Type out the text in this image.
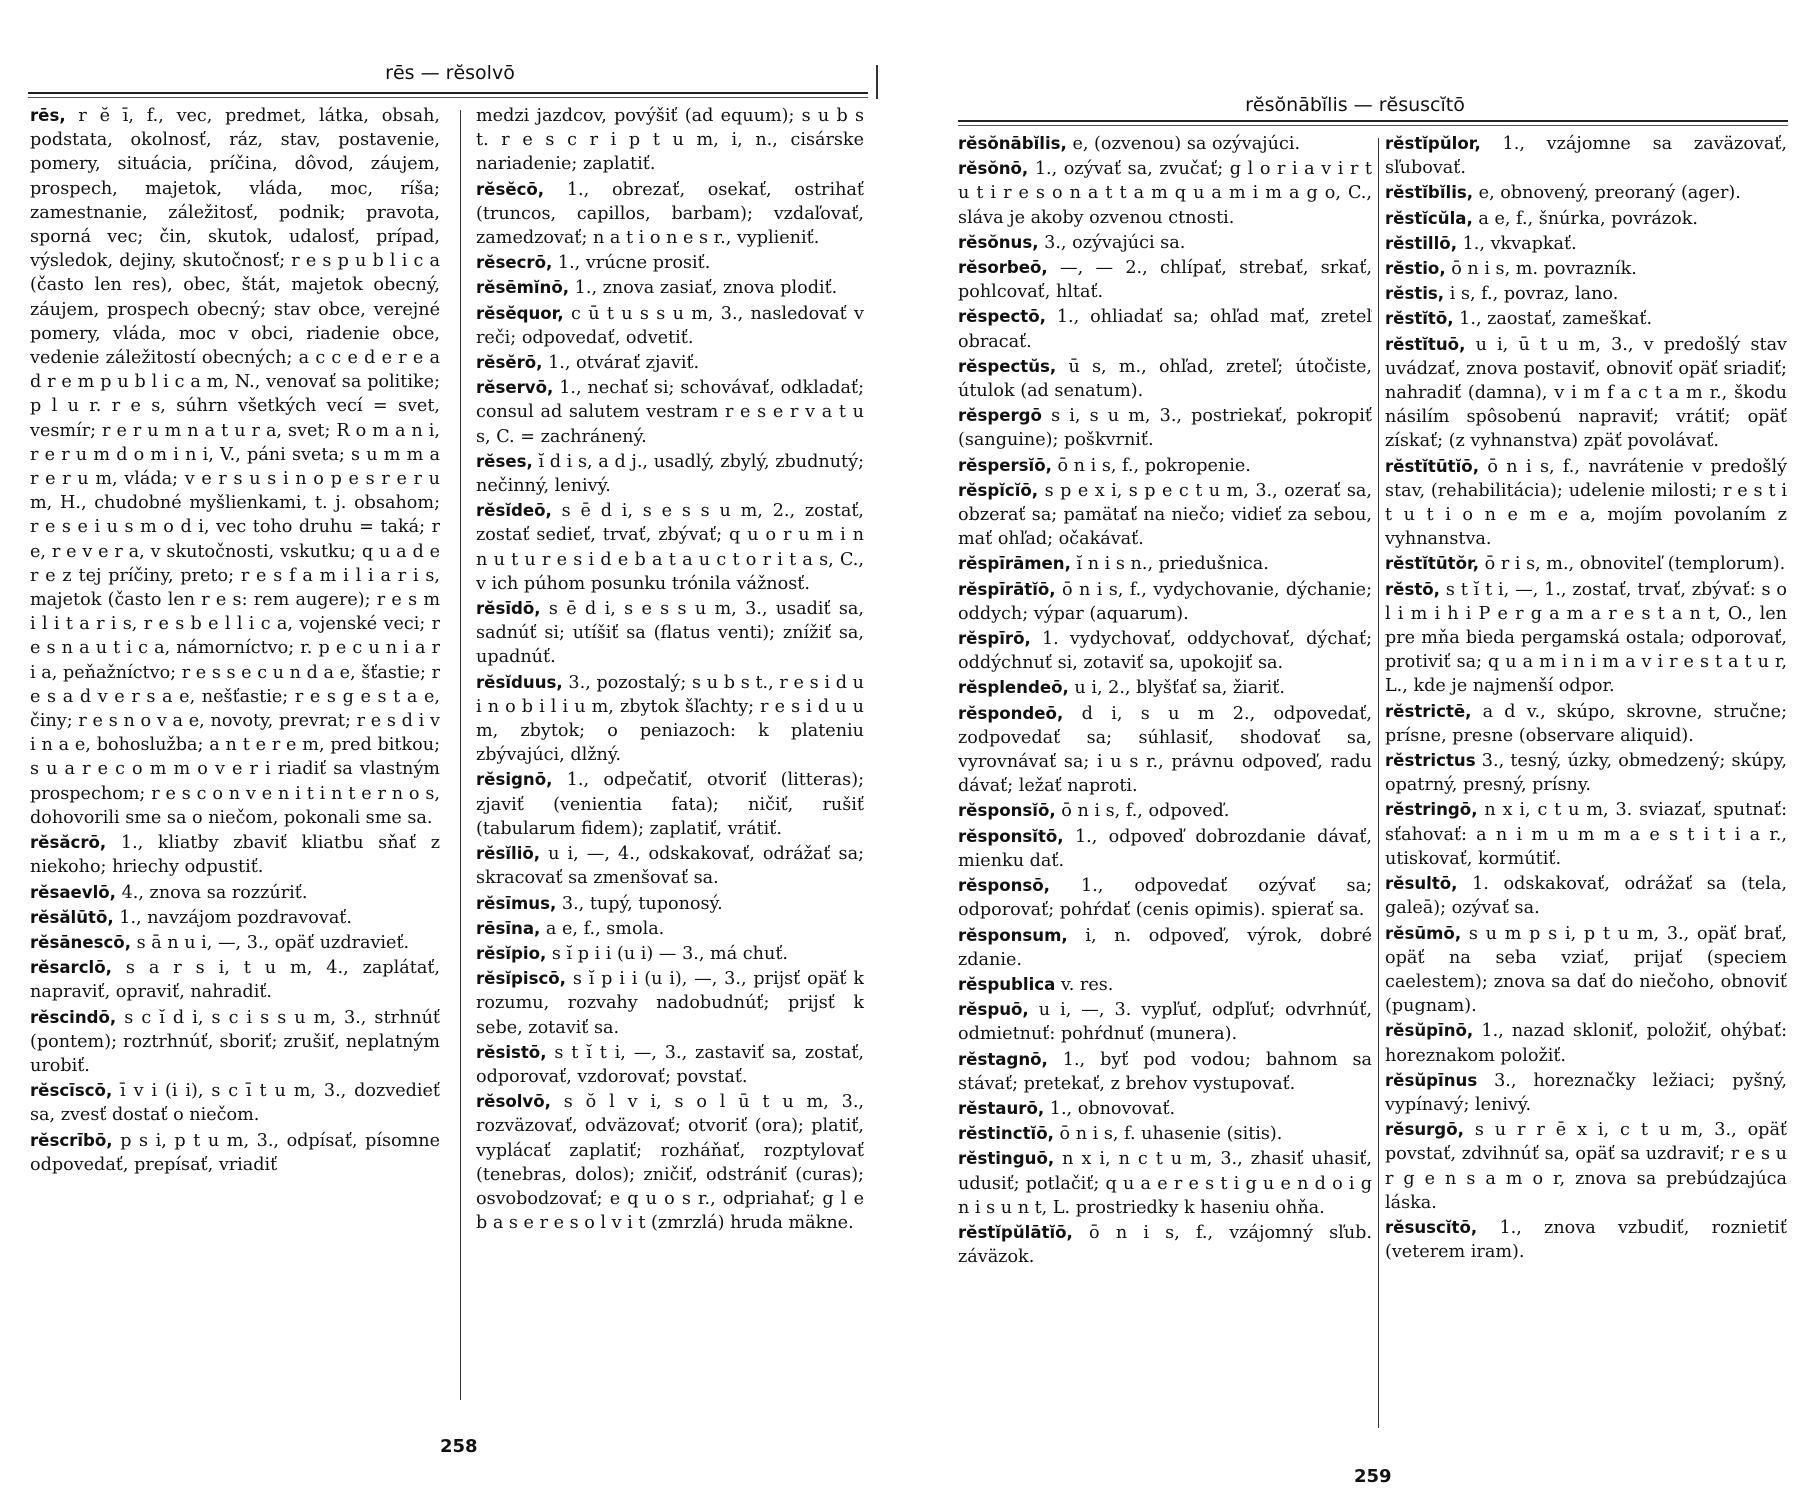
rēs — rĕsolvō
rēs, r ĕ ī, f., vec, predmet, látka, obsah, podstata, okolnosť, ráz, stav, postavenie, pomery, situácia, príčina, dôvod, záujem, prospech, majetok, vláda, moc, ríša; zamestnanie, záležitosť, podnik; pravota, sporná vec; čin, skutok, udalosť, prípad, výsledok, dejiny, skutočnosť; r e s p u b l i c a (často len res), obec, štát, majetok obecný, záujem, prospech obecný; stav obce, verejné pomery, vláda, moc v obci, riadenie obce, vedenie záležitostí obecných; a c c e d e r e a d r e m p u b l i c a m, N., venovať sa politike; p l u r. r e s, súhrn všetkých vecí = svet, vesmír; r e r u m n a t u r a, svet; R o m a n i, r e r u m d o m i n i, V., páni sveta; s u m m a r e r u m, vláda; v e r s u s i n o p e s r e r u m, H., chudobné myšlienkami, t. j. obsahom; r e s e i u s m o d i, vec toho druhu = taká; r e, r e v e r a, v skutočnosti, vskutku; q u a d e r e z tej príčiny, preto; r e s f a m i l i a r i s, majetok (často len r e s: rem augere); r e s m i l i t a r i s, r e s b e l l i c a, vojenské veci; r e s n a u t i c a, námorníctvo; r. p e c u n i a r i a, peňažníctvo; r e s s e c u n d a e, šťastie; r e s a d v e r s a e, nešťastie; r e s g e s t a e, činy; r e s n o v a e, novoty, prevrat; r e s d i v i n a e, bohoslužba; a n t e r e m, pred bitkou; s u a r e c o m m o v e r i riadiť sa vlastným prospechom; r e s c o n v e n i t i n t e r n o s, dohovorili sme sa o niečom, pokonali sme sa.
rĕsăcrō, 1., kliatby zbaviť kliatbu sňať z niekoho; hriechy odpustiť.
rĕsaevlō, 4., znova sa rozzúriť.
rĕsălūtō, 1., navzájom pozdravovať.
rĕsānescō, s ā n u i, —, 3., opäť uzdravieť.
rĕsarclō, s a r s i, t u m, 4., zaplátať, napraviť, opraviť, nahradiť.
rĕscindō, s c ĭ d i, s c i s s u m, 3., strhnúť (pontem); roztrhnúť, sboriť; zrušiť, neplatným urobiť.
rĕscīscō, ī v i (i i), s c ī t u m, 3., dozvedieť sa, zvesť dostať o niečom.
rĕscrībō, p s i, p t u m, 3., odpísať, písomne odpovedať, prepísať, vriadiť
medzi jazdcov, povýšiť (ad equum); s u b s t. r e s c r i p t u m, i, n., cisárske nariadenie; zaplatiť.
rĕsĕcō, 1., obrezať, osekať, ostrihať (truncos, capillos, barbam); vzdaľovať, zamedzovať; n a t i o n e s r., vyplieniť.
rĕsecrō, 1., vrúcne prosiť.
rĕsēmĭnō, 1., znova zasiať, znova plodiť.
rĕsĕquor, c ū t u s s u m, 3., nasledovať v reči; odpovedať, odvetiť.
rĕsĕrō, 1., otvárať zjaviť.
rĕservō, 1., nechať si; schovávať, odkladať; consul ad salutem vestram r e s e r v a t u s, C. = zachránený.
rĕses, ĭ d i s, a d j., usadlý, zbylý, zbudnutý; nečinný, lenivý.
rĕsĭdeō, s ē d i, s e s s u m, 2., zostať, zostať sedieť, trvať, zbývať; q u o r u m i n n u t u r e s i d e b a t a u c t o r i t a s, C., v ich púhom posunku trónila vážnosť.
rĕsīdō, s ē d i, s e s s u m, 3., usadiť sa, sadnúť si; utíšiť sa (flatus venti); znížiť sa, upadnúť.
rĕsĭduus, 3., pozostalý; s u b s t., r e s i d u i n o b i l i u m, zbytok šľachty; r e s i d u u m, zbytok; o peniazoch: k plateniu zbývajúci, dlžný.
rĕsignō, 1., odpečatiť, otvoriť (litteras); zjaviť (venientia fata); ničiť, rušiť (tabularum fidem); zaplatiť, vrátiť.
rĕsĭliō, u i, —, 4., odskakovať, odrážať sa; skracovať sa zmenšovať sa.
rĕsīmus, 3., tupý, tuponosý.
rēsīna, a e, f., smola.
rĕsĭpio, s ĭ p i i (u i) — 3., má chuť.
rĕsĭpiscō, s ĭ p i i (u i), —, 3., prijsť opäť k rozumu, rozvahy nadobudnúť; prijsť k sebe, zotaviť sa.
rĕsistō, s t ĭ t i, —, 3., zastaviť sa, zostať, odporovať, vzdorovať; povstať.
rĕsolvō, s ŏ l v i, s o l ū t u m, 3., rozväzovať, odväzovať; otvoriť (ora); platiť, vyplácať zaplatiť; rozháňať, rozptylovať (tenebras, dolos); zničiť, odstrániť (curas); osvobodzovať; e q u o s r., odpriahať; g l e b a s e r e s o l v i t (zmrzlá) hruda mäkne.
258
rĕsŏnābĭlis — rĕsuscĭtō
rĕsŏnābĭlis, e, (ozvenou) sa ozývajúci.
rĕsŏnō, 1., ozývať sa, zvučať; g l o r i a v i r t u t i r e s o n a t t a m q u a m i m a g o, C., sláva je akoby ozvenou ctnosti.
rĕsŏnus, 3., ozývajúci sa.
rĕsorbeō, —, — 2., chlípať, strebať, srkať, pohlcovať, hltať.
rĕspectō, 1., ohliadať sa; ohľad mať, zreteľ obracať.
rĕspectŭs, ū s, m., ohľad, zreteľ; útočiste, útulok (ad senatum).
rĕspergō s i, s u m, 3., postriekať, pokropiť (sanguine); poškvrniť.
rĕspersĭō, ō n i s, f., pokropenie.
rĕspĭcĭō, s p e x i, s p e c t u m, 3., ozerať sa, obzerať sa; pamätať na niečo; vidieť za sebou, mať ohľad; očakávať.
rĕspīrāmen, ĭ n i s n., priedušnica.
rĕspīrātĭō, ō n i s, f., vydychovanie, dýchanie; oddych; výpar (aquarum).
rĕspīrō, 1. vydychovať, oddychovať, dýchať; oddýchnuť si, zotaviť sa, upokojiť sa.
rĕsplendeō, u i, 2., blyšťať sa, žiariť.
rĕspondeō, d i, s u m 2., odpovedať, zodpovedať sa; súhlasiť, shodovať sa, vyrovnávať sa; i u s r., právnu odpoveď, radu dávať; ležať naproti.
rĕsponsĭō, ō n i s, f., odpoveď.
rĕsponsĭtō, 1., odpoveď dobrozdanie dávať, mienku dať.
rĕsponsō, 1., odpovedať ozývať sa; odporovať; pohŕdať (cenis opimis). spierať sa.
rĕsponsum, i, n. odpoveď, výrok, dobré zdanie.
rĕspublica v. res.
rĕspuō, u i, —, 3. vypľuť, odpľuť; odvrhnúť, odmietnuť: pohŕdnuť (munera).
rĕstagnō, 1., byť pod vodou; bahnom sa stávať; pretekať, z brehov vystupovať.
rĕstaurō, 1., obnovovať.
rĕstinctĭō, ō n i s, f. uhasenie (sitis).
rĕstinguō, n x i, n c t u m, 3., zhasiť uhasiť, udusiť; potlačiť; q u a e r e s t i g u e n d o i g n i s u n t, L. prostriedky k haseniu ohňa.
rĕstĭpŭlātĭō, ō n i s, f., vzájomný sľub. záväzok.
rĕstĭpŭlor, 1., vzájomne sa zaväzovať, sľubovať.
rĕstĭbĭlis, e, obnovený, preoraný (ager).
rĕstĭcŭla, a e, f., šnúrka, povrázok.
rĕstillō, 1., vkvapkať.
rĕstio, ō n i s, m. povrazník.
rĕstis, i s, f., povraz, lano.
rĕstĭtō, 1., zaostať, zameškať.
rĕstĭtuō, u i, ū t u m, 3., v predošlý stav uvádzať, znova postaviť, obnoviť opäť sriadiť; nahradiť (damna), v i m f a c t a m r., škodu násilím spôsobenú napraviť; vrátiť; opäť získať; (z vyhnanstva) zpäť povolávať.
rĕstĭtūtĭō, ō n i s, f., navrátenie v predošlý stav, (rehabilitácia); udelenie milosti; r e s t i t u t i o n e m e a, mojím povolaním z vyhnanstva.
rĕstĭtūtŏr, ō r i s, m., obnoviteľ (templorum).
rĕstō, s t ĭ t i, —, 1., zostať, trvať, zbývať: s o l i m i h i P e r g a m a r e s t a n t, O., len pre mňa bieda pergamská ostala; odporovať, protiviť sa; q u a m i n i m a v i r e s t a t u r, L., kde je najmenší odpor.
rĕstrictē, a d v., skúpo, skrovne, stručne; prísne, presne (observare aliquid).
rĕstrictus 3., tesný, úzky, obmedzený; skúpy, opatrný, presný, prísny.
rĕstringō, n x i, c t u m, 3. sviazať, sputnať: sťahovať: a n i m u m m a e s t i t i a r., utiskovať, kormútiť.
rĕsultō, 1. odskakovať, odrážať sa (tela, galeā); ozývať sa.
rĕsūmō, s u m p s i, p t u m, 3., opäť brať, opäť na seba vziať, prijať (speciem caelestem); znova sa dať do niečoho, obnoviť (pugnam).
rĕsŭpīnō, 1., nazad skloniť, položiť, ohýbať: horeznakom položiť.
rĕsŭpīnus 3., horeznačky ležiaci; pyšný, vypínavý; lenivý.
rĕsurgō, s u r r ē x i, c t u m, 3., opäť povstať, zdvihnúť sa, opäť sa uzdraviť; r e s u r g e n s a m o r, znova sa prebúdzajúca láska.
rĕsuscĭtō, 1., znova vzbudiť, roznietiť (veterem iram).
259
